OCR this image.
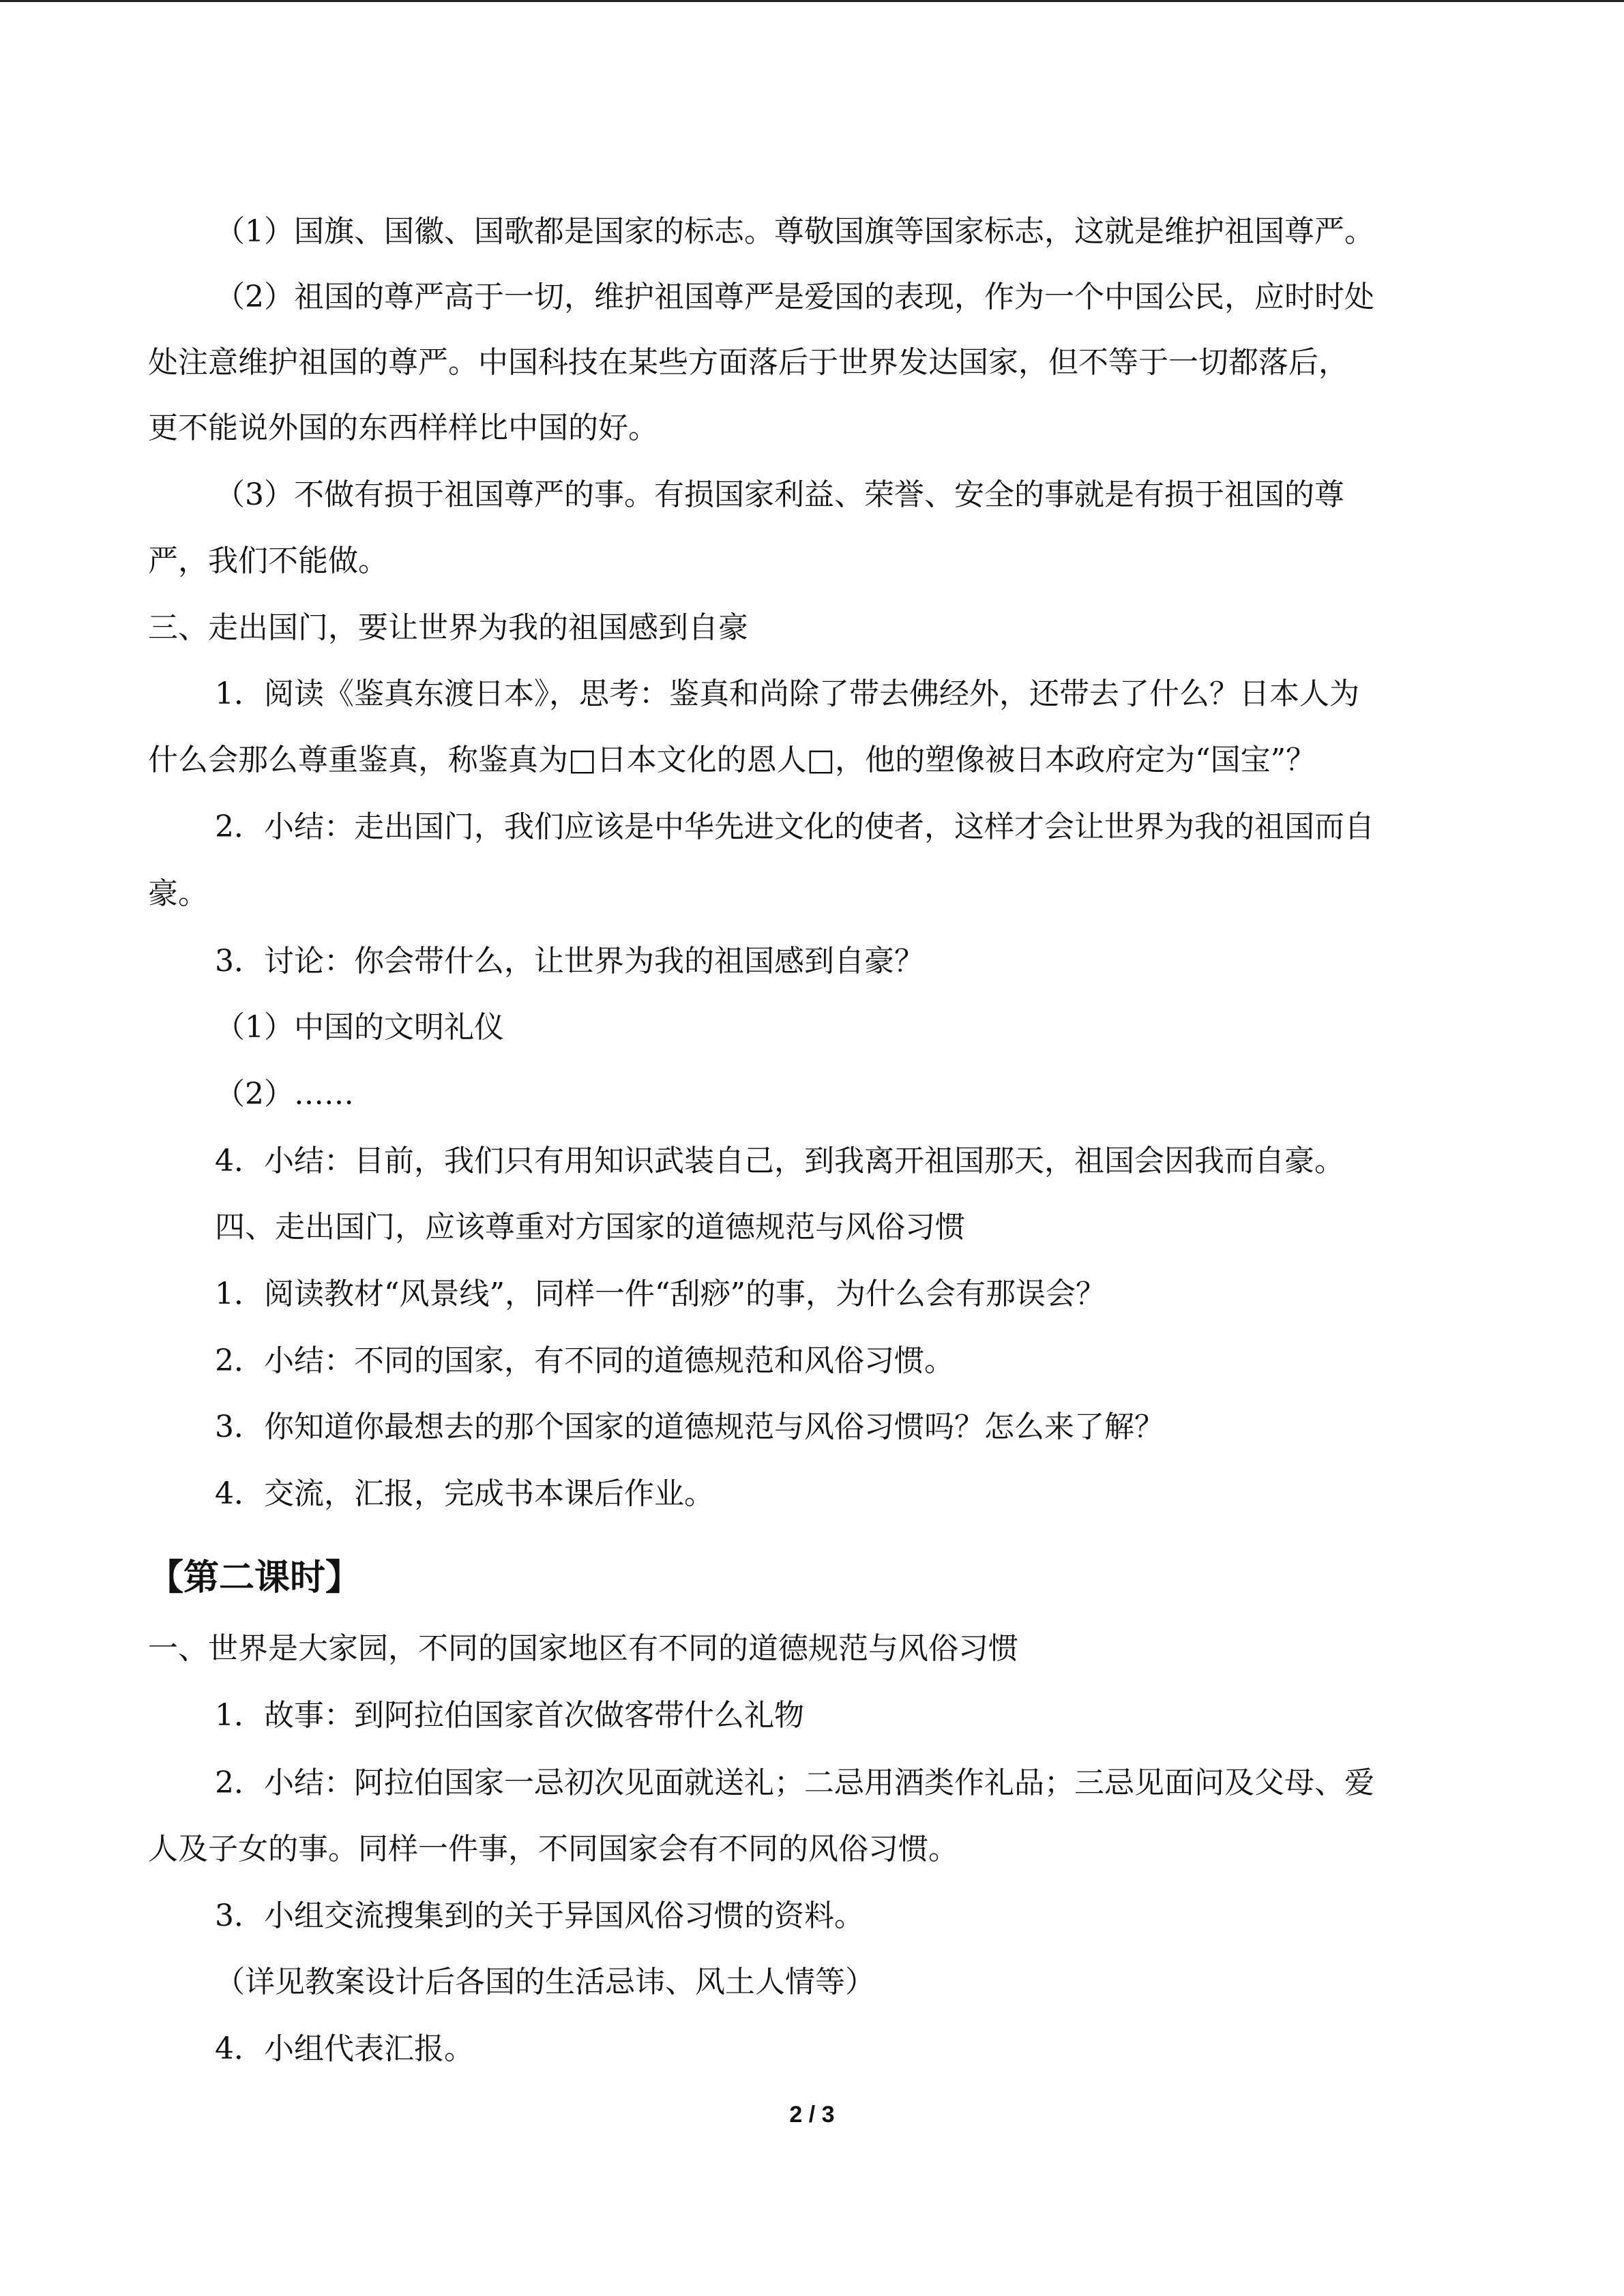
（1）国旗、国徽、国歌都是国家的标志。尊敬国旗等国家标志，这就是维护祖国尊严。
（2）祖国的尊严高于一切，维护祖国尊严是爱国的表现，作为一个中国公民，应时时处
处注意维护祖国的尊严。中国科技在某些方面落后于世界发达国家，但不等于一切都落后，
更不能说外国的东西样样比中国的好。
（3）不做有损于祖国尊严的事。有损国家利益、荣誉、安全的事就是有损于祖国的尊
严，我们不能做。
三、走出国门，要让世界为我的祖国感到自豪
1．阅读《鉴真东渡日本》，思考：鉴真和尚除了带去佛经外，还带去了什么？日本人为
什么会那么尊重鉴真，称鉴真为□日本文化的恩人□，他的塑像被日本政府定为“国宝”？
2．小结：走出国门，我们应该是中华先进文化的使者，这样才会让世界为我的祖国而自
豪。
3．讨论：你会带什么，让世界为我的祖国感到自豪？
（1）中国的文明礼仪
（2）……
4．小结：目前，我们只有用知识武装自己，到我离开祖国那天，祖国会因我而自豪。
四、走出国门，应该尊重对方国家的道德规范与风俗习惯
1．阅读教材“风景线”，同样一件“刮痧”的事，为什么会有那误会？
2．小结：不同的国家，有不同的道德规范和风俗习惯。
3．你知道你最想去的那个国家的道德规范与风俗习惯吗？怎么来了解？
4．交流，汇报，完成书本课后作业。
【第二课时】
一、世界是大家园，不同的国家地区有不同的道德规范与风俗习惯
1．故事：到阿拉伯国家首次做客带什么礼物
2．小结：阿拉伯国家一忌初次见面就送礼；二忌用酒类作礼品；三忌见面问及父母、爱
人及子女的事。同样一件事，不同国家会有不同的风俗习惯。
3．小组交流搜集到的关于异国风俗习惯的资料。
（详见教案设计后各国的生活忌讳、风土人情等）
4．小组代表汇报。
2 / 3
